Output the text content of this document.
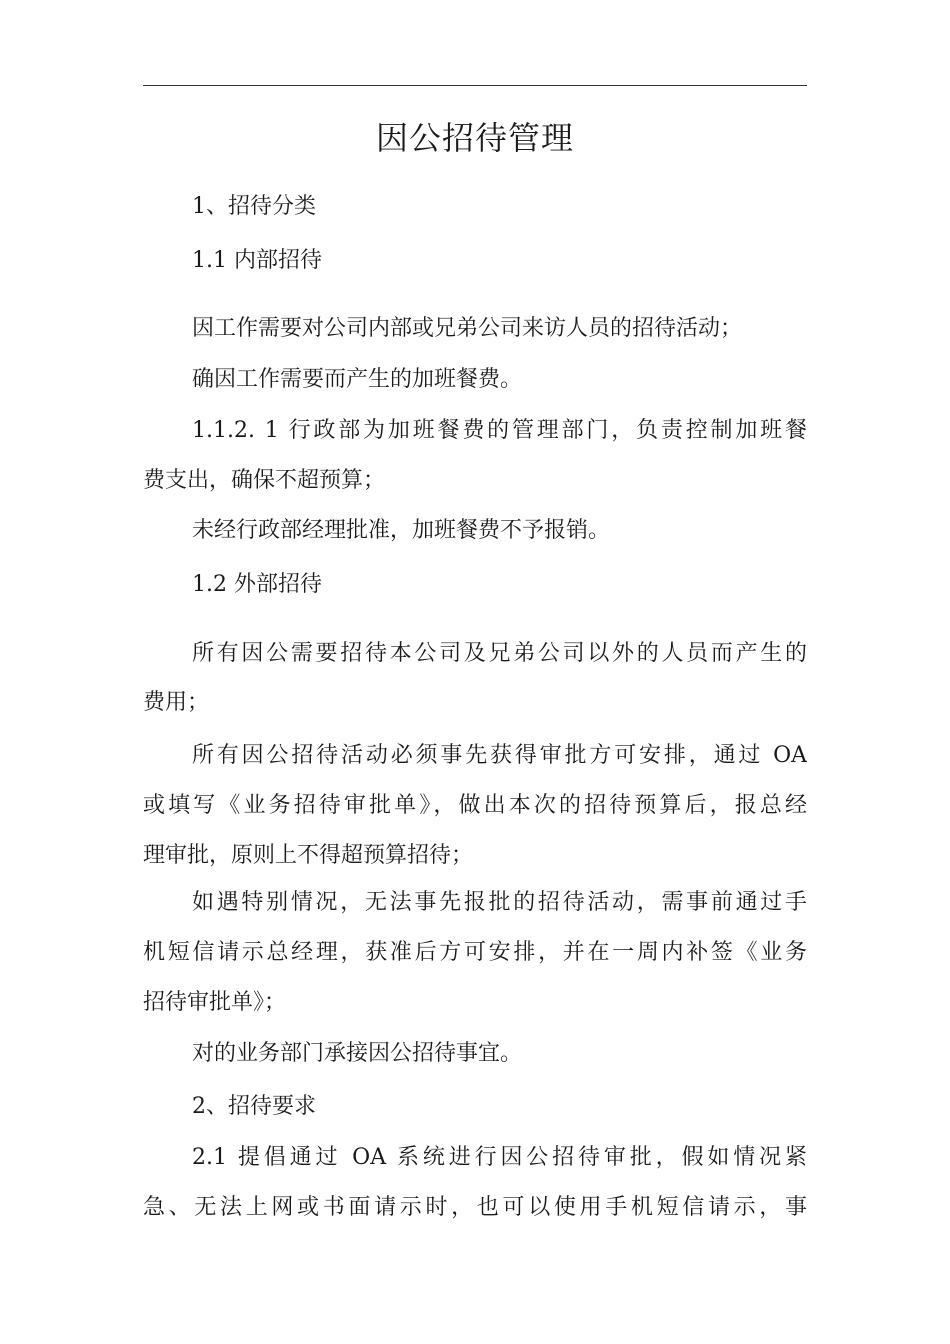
因公招待管理

1、招待分类

1.1 内部招待

因工作需要对公司内部或兄弟公司来访人员的招待活动；

确因工作需要而产生的加班餐费。

1.1.2. 1 行政部为加班餐费的管理部门，负责控制加班餐

费支出，确保不超预算；

未经行政部经理批准，加班餐费不予报销。

1.2 外部招待

所有因公需要招待本公司及兄弟公司以外的人员而产生的

费用；

所有因公招待活动必须事先获得审批方可安排，通过 OA

或填写《业务招待审批单》，做出本次的招待预算后，报总经

理审批，原则上不得超预算招待；

如遇特别情况，无法事先报批的招待活动，需事前通过手

机短信请示总经理，获准后方可安排，并在一周内补签《业务

招待审批单》；

对的业务部门承接因公招待事宜。

2、招待要求

2.1 提倡通过 OA 系统进行因公招待审批，假如情况紧

急、无法上网或书面请示时，也可以使用手机短信请示，事
